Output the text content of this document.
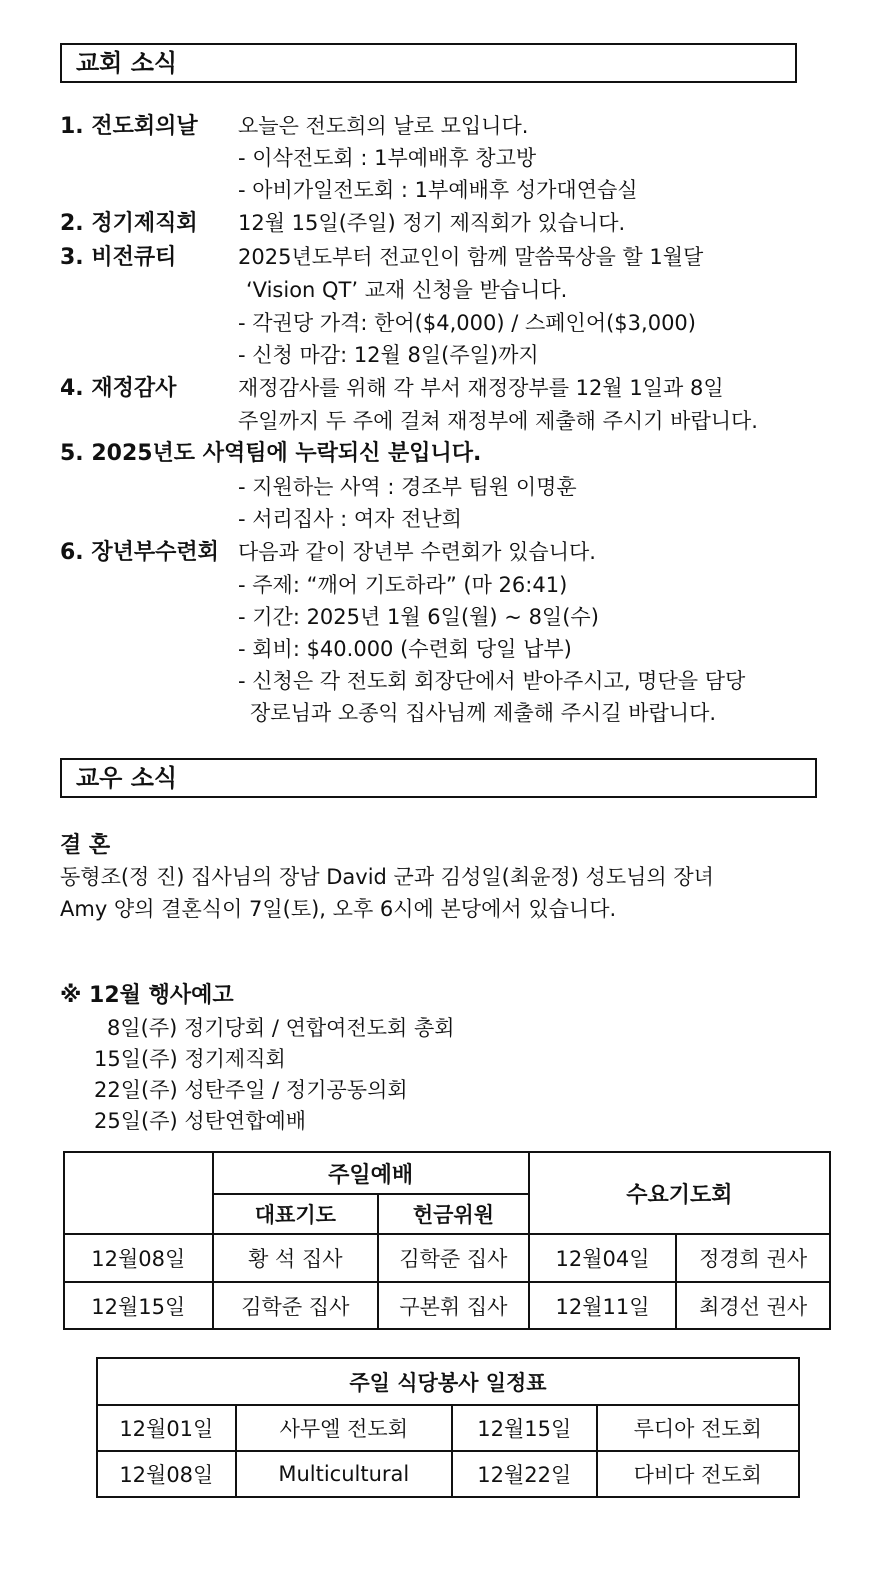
교회 소식
1. 전도회의날 오늘은 전도희의 날로 모입니다.
- 이삭전도회 : 1부예배후 창고방
- 아비가일전도회 : 1부예배후 성가대연습실
2. 정기제직회 12월 15일(주일) 정기 제직회가 있습니다.
3. 비전큐티	2025년도부터 전교인이 함께 말씀묵상을 할 1월달
‘Vision QT’ 교재 신청을 받습니다.
- 각권당 가격: 한어($4,000) / 스페인어($3,000)
- 신청 마감: 12월 8일(주일)까지
4. 재정감사	재정감사를 위해 각 부서 재정장부를 12월 1일과 8일
주일까지 두 주에 걸쳐 재정부에 제출해 주시기 바랍니다.
5. 2025년도 사역팀에 누락되신 분입니다.
- 지원하는 사역 : 경조부 팀원 이명훈
- 서리집사 : 여자 전난희
6. 장년부수련회 다음과 같이 장년부 수련회가 있습니다.
- 주제: “깨어 기도하라” (마 26:41)
- 기간: 2025년 1월 6일(월) ~ 8일(수)
- 회비: $40.000 (수련회 당일 납부)
- 신청은 각 전도회 회장단에서 받아주시고, 명단을 담당
장로님과 오종익 집사님께 제출해 주시길 바랍니다.
교우 소식
결 혼
동형조(정 진) 집사님의 장남 David 군과 김성일(최윤정) 성도님의 장녀
Amy 양의 결혼식이 7일(토), 오후 6시에 본당에서 있습니다.
※ 12월 행사예고
8일(주) 정기당회 / 연합여전도회 총회
15일(주) 정기제직회
22일(주) 성탄주일 / 정기공동의회
25일(주) 성탄연합예배
	주일예배		수요기도회	
	대표기도	헌금위원		
12월08일	황 석 집사	김학준 집사	12월04일	정경희 권사
12월15일	김학준 집사	구본휘 집사	12월11일	최경선 권사
주일 식당봉사 일정표			
12월01일	사무엘 전도회	12월15일	루디아 전도회
12월08일	Multicultural	12월22일	다비다 전도회
